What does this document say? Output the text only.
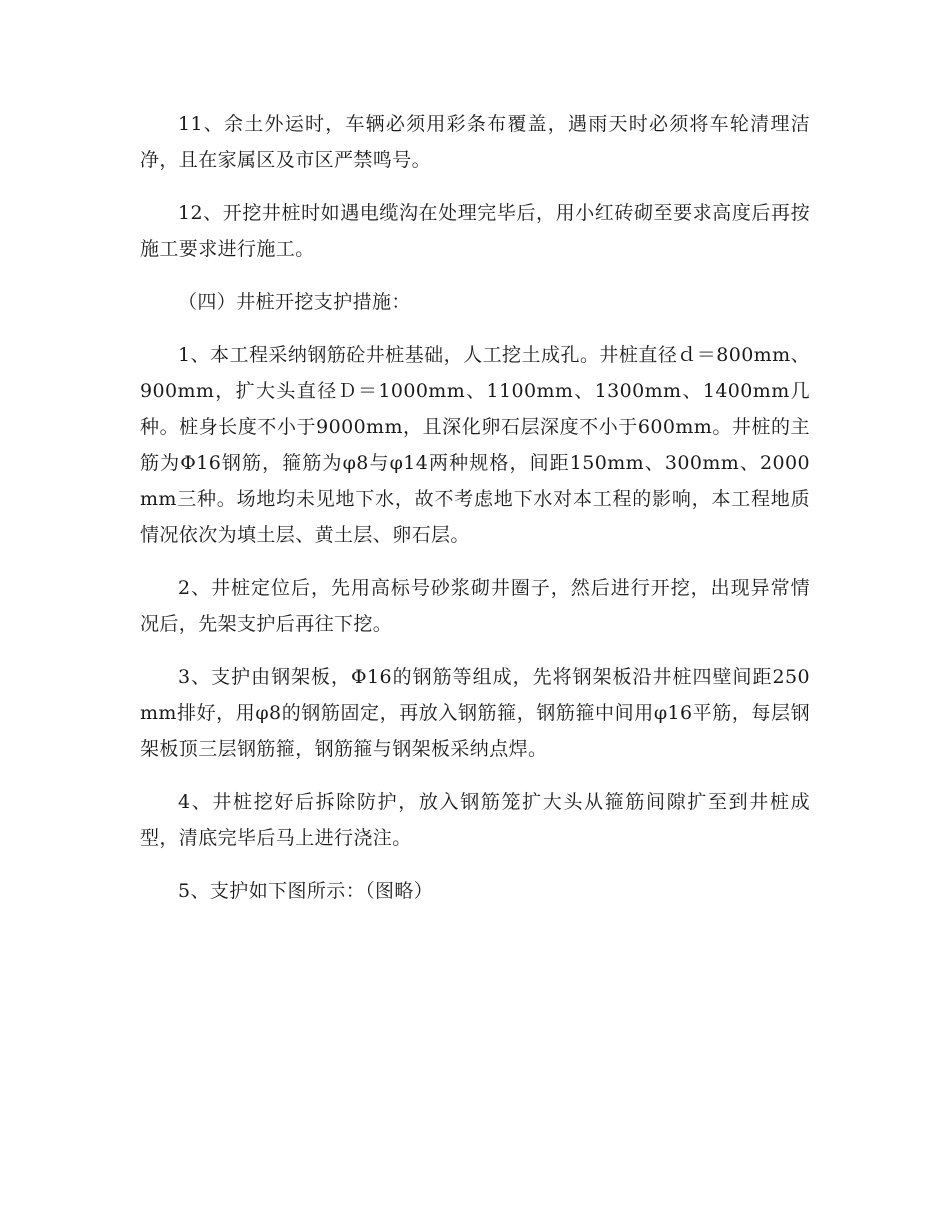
11、余土外运时，车辆必须用彩条布覆盖，遇雨天时必须将车轮清理洁净，且在家属区及市区严禁鸣号。

12、开挖井桩时如遇电缆沟在处理完毕后，用小红砖砌至要求高度后再按施工要求进行施工。

（四）井桩开挖支护措施：

1、本工程采纳钢筋砼井桩基础，人工挖土成孔。井桩直径ｄ＝800mm、900mm，扩大头直径Ｄ＝1000mm、1100mm、1300mm、1400mm几种。桩身长度不小于9000mm，且深化卵石层深度不小于600mm。井桩的主筋为Φ16钢筋，箍筋为φ8与φ14两种规格，间距150mm、300mm、2000mm三种。场地均未见地下水，故不考虑地下水对本工程的影响，本工程地质情况依次为填土层、黄土层、卵石层。

2、井桩定位后，先用高标号砂浆砌井圈子，然后进行开挖，出现异常情况后，先架支护后再往下挖。

3、支护由钢架板，Φ16的钢筋等组成，先将钢架板沿井桩四壁间距250mm排好，用φ8的钢筋固定，再放入钢筋箍，钢筋箍中间用φ16平筋，每层钢架板顶三层钢筋箍，钢筋箍与钢架板采纳点焊。

4、井桩挖好后拆除防护，放入钢筋笼扩大头从箍筋间隙扩至到井桩成型，清底完毕后马上进行浇注。

5、支护如下图所示：（图略）
